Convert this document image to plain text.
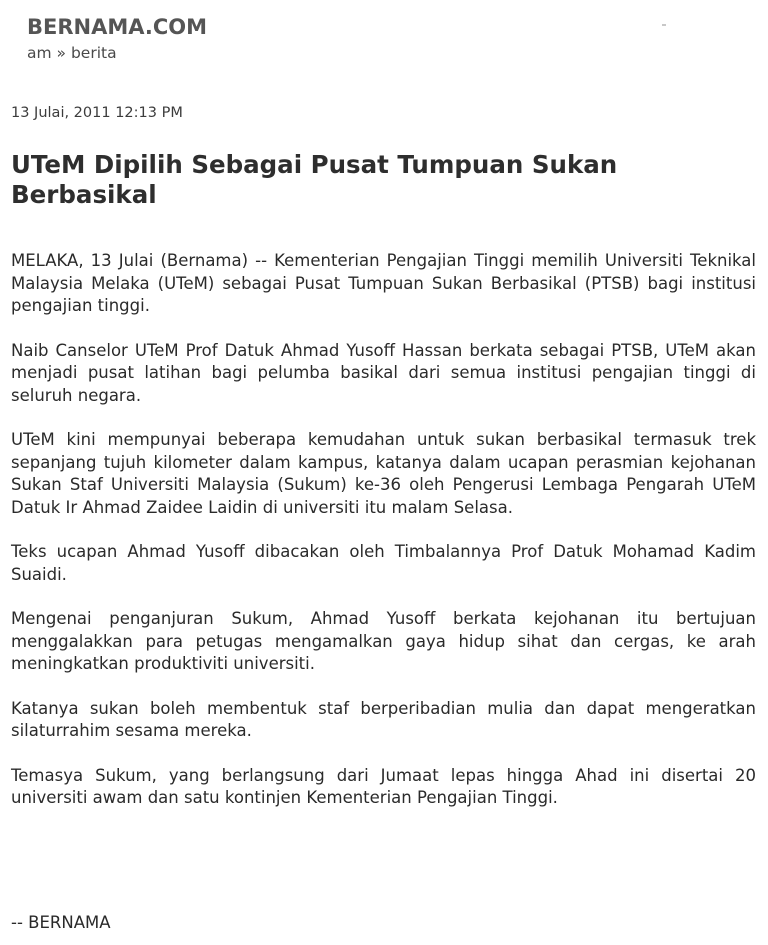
BERNAMA.COM
am » berita
13 Julai, 2011 12:13 PM
UTeM Dipilih Sebagai Pusat Tumpuan Sukan Berbasikal

MELAKA, 13 Julai (Bernama) -- Kementerian Pengajian Tinggi memilih Universiti Teknikal Malaysia Melaka (UTeM) sebagai Pusat Tumpuan Sukan Berbasikal (PTSB) bagi institusi pengajian tinggi.

Naib Canselor UTeM Prof Datuk Ahmad Yusoff Hassan berkata sebagai PTSB, UTeM akan menjadi pusat latihan bagi pelumba basikal dari semua institusi pengajian tinggi di seluruh negara.

UTeM kini mempunyai beberapa kemudahan untuk sukan berbasikal termasuk trek sepanjang tujuh kilometer dalam kampus, katanya dalam ucapan perasmian kejohanan Sukan Staf Universiti Malaysia (Sukum) ke-36 oleh Pengerusi Lembaga Pengarah UTeM Datuk Ir Ahmad Zaidee Laidin di universiti itu malam Selasa.

Teks ucapan Ahmad Yusoff dibacakan oleh Timbalannya Prof Datuk Mohamad Kadim Suaidi.

Mengenai penganjuran Sukum, Ahmad Yusoff berkata kejohanan itu bertujuan menggalakkan para petugas mengamalkan gaya hidup sihat dan cergas, ke arah meningkatkan produktiviti universiti.

Katanya sukan boleh membentuk staf berperibadian mulia dan dapat mengeratkan silaturrahim sesama mereka.

Temasya Sukum, yang berlangsung dari Jumaat lepas hingga Ahad ini disertai 20 universiti awam dan satu kontinjen Kementerian Pengajian Tinggi.

-- BERNAMA
